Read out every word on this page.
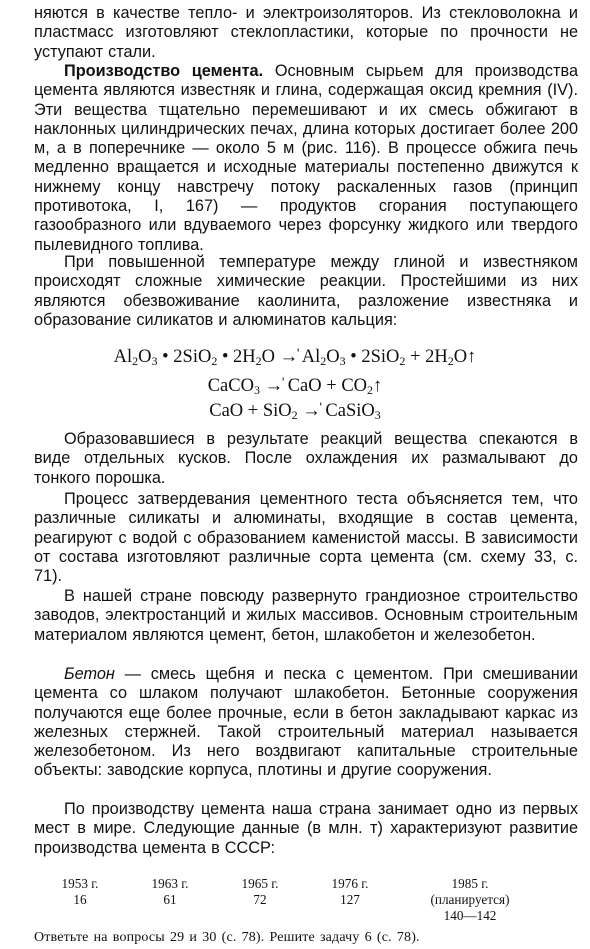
няются в качестве тепло- и электроизоляторов. Из стекловолокна и пластмасс изготовляют стеклопластики, которые по прочности не уступают стали.
Производство цемента. Основным сырьем для производства цемента являются известняк и глина, содержащая оксид кремния (IV). Эти вещества тщательно перемешивают и их смесь обжигают в наклонных цилиндрических печах, длина которых достигает более 200 м, а в поперечнике — около 5 м (рис. 116). В процессе обжига печь медленно вращается и исходные материалы постепенно движутся к нижнему концу навстречу потоку раскаленных газов (принцип противотока, I, 167) — продуктов сгорания поступающего газообразного или вдуваемого через форсунку жидкого или твердого пылевидного топлива.
При повышенной температуре между глиной и известняком происходят сложные химические реакции. Простейшими из них являются обезвоживание каолинита, разложение известняка и образование силикатов и алюминатов кальция:
$Al_2O_3$ • 2SiO$_2$ • $2H_2O$ →̍ $Al_2O_3$ • $2SiO_2 + 2H_2O↑$
CaCO$_3$ →̍ CaO + $CO_2↑$
CaO + SiO$_2$ →̍ CaSiO$_3$
Образовавшиеся в результате реакций вещества спекаются в виде отдельных кусков. После охлаждения их размалывают до тонкого порошка.
Процесс затвердевания цементного теста объясняется тем, что различные силикаты и алюминаты, входящие в состав цемента, реагируют с водой с образованием каменистой массы. В зависимости от состава изготовляют различные сорта цемента (см. схему 33, с. 71).
В нашей стране повсюду развернуто грандиозное строительство заводов, электростанций и жилых массивов. Основным строительным материалом являются цемент, бетон, шлакобетон и железобетон.
Бетон — смесь щебня и песка с цементом. При смешивании цемента со шлаком получают шлакобетон. Бетонные сооружения получаются еще более прочные, если в бетон закладывают каркас из железных стержней. Такой строительный материал называется железобетоном. Из него воздвигают капитальные строительные объекты: заводские корпуса, плотины и другие сооружения.
По производству цемента наша страна занимает одно из первых мест в мире. Следующие данные (в млн. т) характеризуют развитие производства цемента в СССР:
1953 г.
16
1963 г.
61
1965 г.
72
1976 г.
127
1985 г.
(планируется)
140—142
Ответьте на вопросы 29 и 30 (с. 78). Решите задачу 6 (с. 78).
